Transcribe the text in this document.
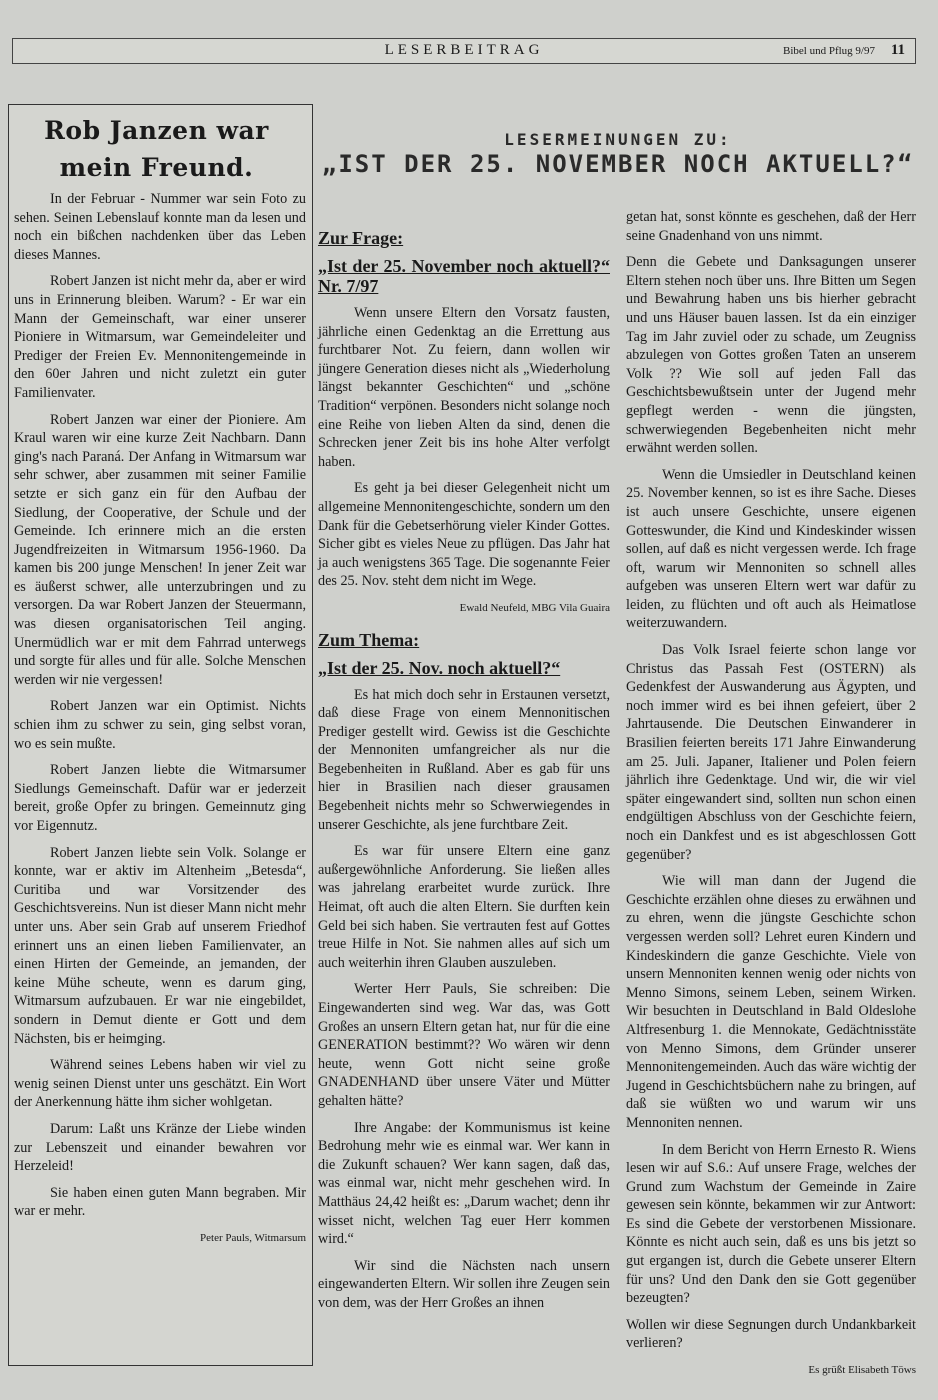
LESERBEITRAG	Bibel und Pflug 9/97 11
Rob Janzen war mein Freund.

In der Februar - Nummer war sein Foto zu sehen. Seinen Lebenslauf konnte man da lesen und noch ein bißchen nachdenken über das Leben dieses Mannes.

Robert Janzen ist nicht mehr da, aber er wird uns in Erinnerung bleiben. Warum? - Er war ein Mann der Gemeinschaft, war einer unserer Pioniere in Witmarsum, war Gemeindeleiter und Prediger der Freien Ev. Mennonitengemeinde in den 60er Jahren und nicht zuletzt ein guter Familienvater.

Robert Janzen war einer der Pioniere. Am Kraul waren wir eine kurze Zeit Nachbarn. Dann ging's nach Paraná. Der Anfang in Witmarsum war sehr schwer, aber zusammen mit seiner Familie setzte er sich ganz ein für den Aufbau der Siedlung, der Cooperative, der Schule und der Gemeinde. Ich erinnere mich an die ersten Jugendfreizeiten in Witmarsum 1956-1960. Da kamen bis 200 junge Menschen! In jener Zeit war es äußerst schwer, alle unterzubringen und zu versorgen. Da war Robert Janzen der Steuermann, was diesen organisatorischen Teil anging. Unermüdlich war er mit dem Fahrrad unterwegs und sorgte für alles und für alle. Solche Menschen werden wir nie vergessen!

Robert Janzen war ein Optimist. Nichts schien ihm zu schwer zu sein, ging selbst voran, wo es sein mußte.

Robert Janzen liebte die Witmarsumer Siedlungs Gemeinschaft. Dafür war er jederzeit bereit, große Opfer zu bringen. Gemeinnutz ging vor Eigennutz.

Robert Janzen liebte sein Volk. Solange er konnte, war er aktiv im Altenheim „Betesda“, Curitiba und war Vorsitzender des Geschichtsvereins. Nun ist dieser Mann nicht mehr unter uns. Aber sein Grab auf unserem Friedhof erinnert uns an einen lieben Familienvater, an einen Hirten der Gemeinde, an jemanden, der keine Mühe scheute, wenn es darum ging, Witmarsum aufzubauen. Er war nie eingebildet, sondern in Demut diente er Gott und dem Nächsten, bis er heimging.

Während seines Lebens haben wir viel zu wenig seinen Dienst unter uns geschätzt. Ein Wort der Anerkennung hätte ihm sicher wohlgetan.

Darum: Laßt uns Kränze der Liebe winden zur Lebenszeit und einander bewahren vor Herzeleid!

Sie haben einen guten Mann begraben. Mir war er mehr.

Peter Pauls, Witmarsum
LESERMEINUNGEN ZU:
„IST DER 25. NOVEMBER NOCH AKTUELL?“

Zur Frage:

„Ist der 25. November noch aktuell?“ Nr. 7/97

Wenn unsere Eltern den Vorsatz fausten, jährliche einen Gedenktag an die Errettung aus furchtbarer Not. Zu feiern, dann wollen wir jüngere Generation dieses nicht als „Wiederholung längst bekannter Geschichten“ und „schöne Tradition“ verpönen. Besonders nicht solange noch eine Reihe von lieben Alten da sind, denen die Schrecken jener Zeit bis ins hohe Alter verfolgt haben.

Es geht ja bei dieser Gelegenheit nicht um allgemeine Mennonitengeschichte, sondern um den Dank für die Gebetserhörung vieler Kinder Gottes. Sicher gibt es vieles Neue zu pflügen. Das Jahr hat ja auch wenigstens 365 Tage. Die sogenannte Feier des 25. Nov. steht dem nicht im Wege.

Ewald Neufeld, MBG Vila Guaira

Zum Thema:

„Ist der 25. Nov. noch aktuell?“

Es hat mich doch sehr in Erstaunen versetzt, daß diese Frage von einem Mennonitischen Prediger gestellt wird. Gewiss ist die Geschichte der Mennoniten umfangreicher als nur die Begebenheiten in Rußland. Aber es gab für uns hier in Brasilien nach dieser grausamen Begebenheit nichts mehr so Schwerwiegendes in unserer Geschichte, als jene furchtbare Zeit.

Es war für unsere Eltern eine ganz außergewöhnliche Anforderung. Sie ließen alles was jahrelang erarbeitet wurde zurück. Ihre Heimat, oft auch die alten Eltern. Sie durften kein Geld bei sich haben. Sie vertrauten fest auf Gottes treue Hilfe in Not. Sie nahmen alles auf sich um auch weiterhin ihren Glauben auszuleben.

Werter Herr Pauls, Sie schreiben: Die Eingewanderten sind weg. War das, was Gott Großes an unsern Eltern getan hat, nur für die eine GENERATION bestimmt?? Wo wären wir denn heute, wenn Gott nicht seine große GNADENHAND über unsere Väter und Mütter gehalten hätte?

Ihre Angabe: der Kommunismus ist keine Bedrohung mehr wie es einmal war. Wer kann in die Zukunft schauen? Wer kann sagen, daß das, was einmal war, nicht mehr geschehen wird. In Matthäus 24,42 heißt es: „Darum wachet; denn ihr wisset nicht, welchen Tag euer Herr kommen wird.“

Wir sind die Nächsten nach unsern eingewanderten Eltern. Wir sollen ihre Zeugen sein von dem, was der Herr Großes an ihnen

getan hat, sonst könnte es geschehen, daß der Herr seine Gnadenhand von uns nimmt.

Denn die Gebete und Danksagungen unserer Eltern stehen noch über uns. Ihre Bitten um Segen und Bewahrung haben uns bis hierher gebracht und uns Häuser bauen lassen. Ist da ein einziger Tag im Jahr zuviel oder zu schade, um Zeugniss abzulegen von Gottes großen Taten an unserem Volk ?? Wie soll auf jeden Fall das Geschichtsbewußtsein unter der Jugend mehr gepflegt werden - wenn die jüngsten, schwerwiegenden Begebenheiten nicht mehr erwähnt werden sollen.

Wenn die Umsiedler in Deutschland keinen 25. November kennen, so ist es ihre Sache. Dieses ist auch unsere Geschichte, unsere eigenen Gotteswunder, die Kind und Kindeskinder wissen sollen, auf daß es nicht vergessen werde. Ich frage oft, warum wir Mennoniten so schnell alles aufgeben was unseren Eltern wert war dafür zu leiden, zu flüchten und oft auch als Heimatlose weiterzuwandern.

Das Volk Israel feierte schon lange vor Christus das Passah Fest (OSTERN) als Gedenkfest der Auswanderung aus Ägypten, und noch immer wird es bei ihnen gefeiert, über 2 Jahrtausende. Die Deutschen Einwanderer in Brasilien feierten bereits 171 Jahre Einwanderung am 25. Juli. Japaner, Italiener und Polen feiern jährlich ihre Gedenktage. Und wir, die wir viel später eingewandert sind, sollten nun schon einen endgültigen Abschluss von der Geschichte feiern, noch ein Dankfest und es ist abgeschlossen Gott gegenüber?

Wie will man dann der Jugend die Geschichte erzählen ohne dieses zu erwähnen und zu ehren, wenn die jüngste Geschichte schon vergessen werden soll? Lehret euren Kindern und Kindeskindern die ganze Geschichte. Viele von unsern Mennoniten kennen wenig oder nichts von Menno Simons, seinem Leben, seinem Wirken. Wir besuchten in Deutschland in Bald Oldeslohe Altfresenburg 1. die Mennokate, Gedächtnisstäte von Menno Simons, dem Gründer unserer Mennonitengemeinden. Auch das wäre wichtig der Jugend in Geschichtsbüchern nahe zu bringen, auf daß sie wüßten wo und warum wir uns Mennoniten nennen.

In dem Bericht von Herrn Ernesto R. Wiens lesen wir auf S.6.: Auf unsere Frage, welches der Grund zum Wachstum der Gemeinde in Zaire gewesen sein könnte, bekammen wir zur Antwort: Es sind die Gebete der verstorbenen Missionare. Könnte es nicht auch sein, daß es uns bis jetzt so gut ergangen ist, durch die Gebete unserer Eltern für uns? Und den Dank den sie Gott gegenüber bezeugten?

Wollen wir diese Segnungen durch Undankbarkeit verlieren?

Es grüßt Elisabeth Töws
